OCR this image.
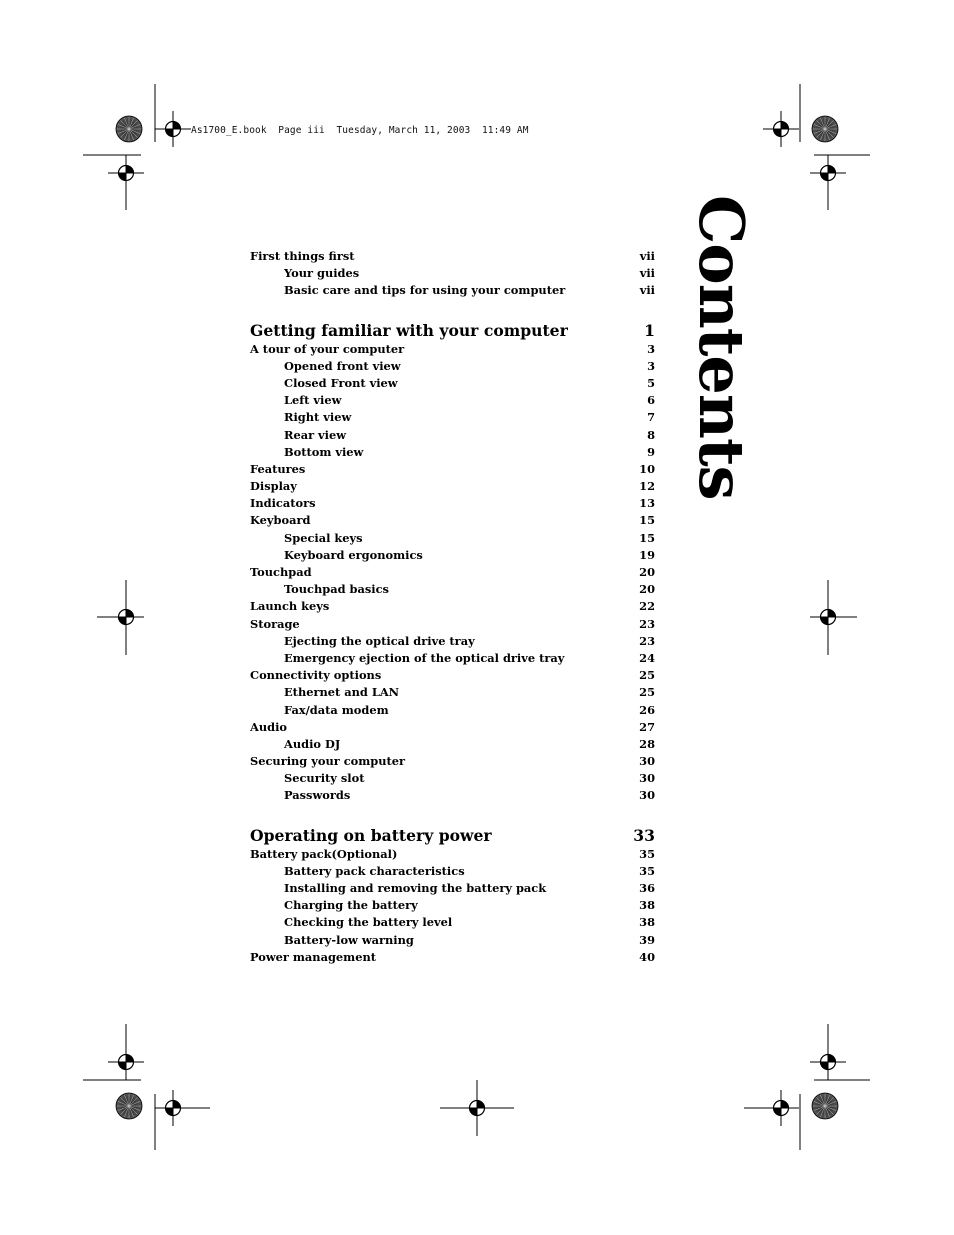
As1700_E.book  Page iii  Tuesday, March 11, 2003  11:49 AM
Contents
First things first	vii
Your guides	vii
Basic care and tips for using your computer	vii
Getting familiar with your computer	1
A tour of your computer	3
Opened front view	3
Closed Front view	5
Left view	6
Right view	7
Rear view	8
Bottom view	9
Features	10
Display	12
Indicators	13
Keyboard	15
Special keys	15
Keyboard ergonomics	19
Touchpad	20
Touchpad basics	20
Launch keys	22
Storage	23
Ejecting the optical drive tray	23
Emergency ejection of the optical drive tray	24
Connectivity options	25
Ethernet and LAN	25
Fax/data modem	26
Audio	27
Audio DJ	28
Securing your computer	30
Security slot	30
Passwords	30
Operating on battery power	33
Battery pack(Optional)	35
Battery pack characteristics	35
Installing and removing the battery pack	36
Charging the battery	38
Checking the battery level	38
Battery-low warning	39
Power management	40
